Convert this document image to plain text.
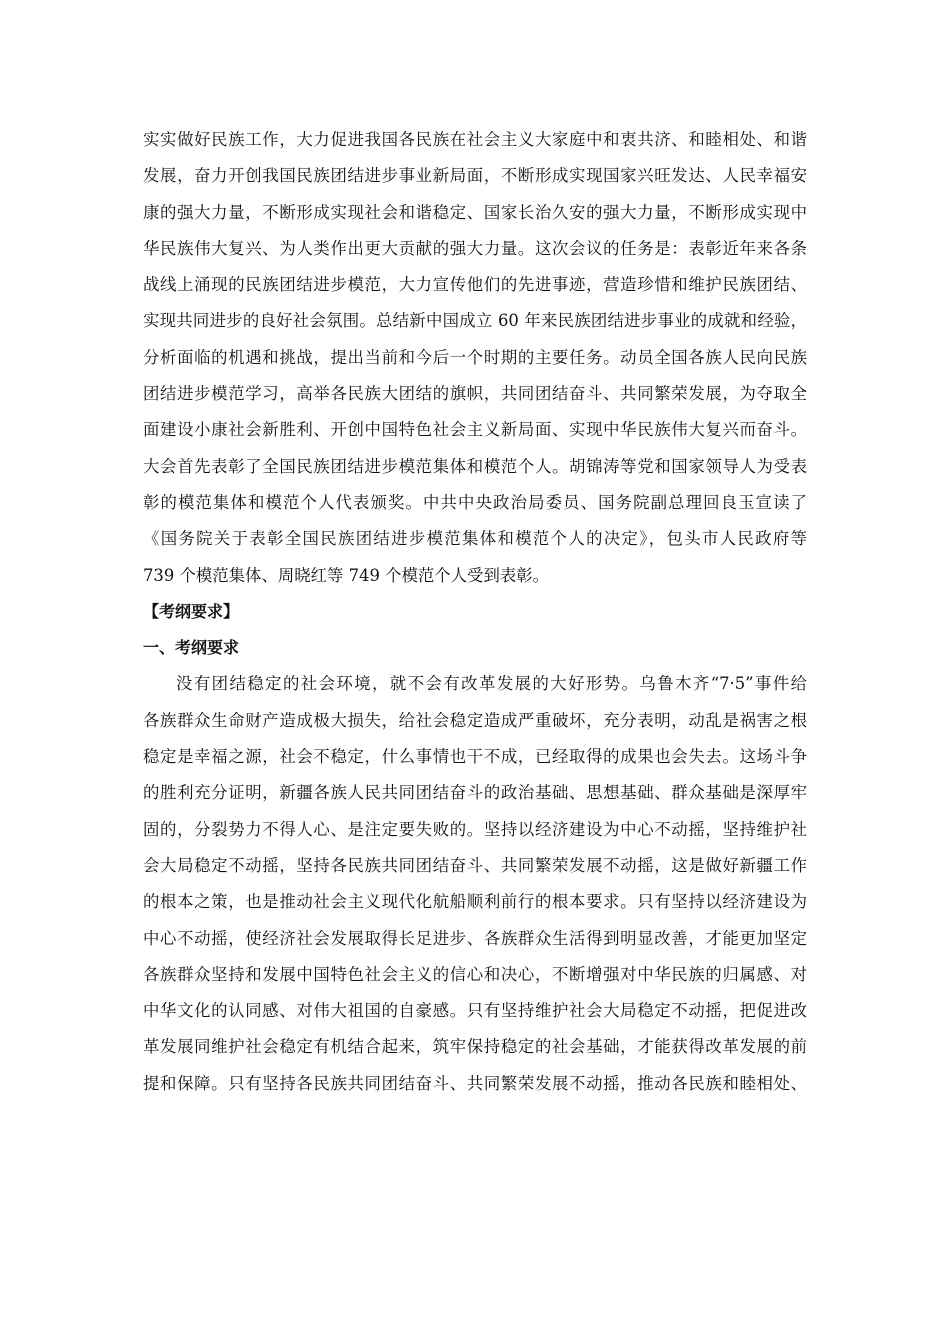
实实做好民族工作，大力促进我国各民族在社会主义大家庭中和衷共济、和睦相处、和谐
发展，奋力开创我国民族团结进步事业新局面，不断形成实现国家兴旺发达、人民幸福安
康的强大力量，不断形成实现社会和谐稳定、国家长治久安的强大力量，不断形成实现中
华民族伟大复兴、为人类作出更大贡献的强大力量。这次会议的任务是：表彰近年来各条
战线上涌现的民族团结进步模范，大力宣传他们的先进事迹，营造珍惜和维护民族团结、
实现共同进步的良好社会氛围。总结新中国成立 60 年来民族团结进步事业的成就和经验，
分析面临的机遇和挑战，提出当前和今后一个时期的主要任务。动员全国各族人民向民族
团结进步模范学习，高举各民族大团结的旗帜，共同团结奋斗、共同繁荣发展，为夺取全
面建设小康社会新胜利、开创中国特色社会主义新局面、实现中华民族伟大复兴而奋斗。
大会首先表彰了全国民族团结进步模范集体和模范个人。胡锦涛等党和国家领导人为受表
彰的模范集体和模范个人代表颁奖。中共中央政治局委员、国务院副总理回良玉宣读了
《国务院关于表彰全国民族团结进步模范集体和模范个人的决定》，包头市人民政府等
739 个模范集体、周晓红等 749 个模范个人受到表彰。
【考纲要求】
一、考纲要求
没有团结稳定的社会环境，就不会有改革发展的大好形势。乌鲁木齐“7·5”事件给
各族群众生命财产造成极大损失，给社会稳定造成严重破坏，充分表明，动乱是祸害之根
稳定是幸福之源，社会不稳定，什么事情也干不成，已经取得的成果也会失去。这场斗争
的胜利充分证明，新疆各族人民共同团结奋斗的政治基础、思想基础、群众基础是深厚牢
固的，分裂势力不得人心、是注定要失败的。坚持以经济建设为中心不动摇，坚持维护社
会大局稳定不动摇，坚持各民族共同团结奋斗、共同繁荣发展不动摇，这是做好新疆工作
的根本之策，也是推动社会主义现代化航船顺利前行的根本要求。只有坚持以经济建设为
中心不动摇，使经济社会发展取得长足进步、各族群众生活得到明显改善，才能更加坚定
各族群众坚持和发展中国特色社会主义的信心和决心，不断增强对中华民族的归属感、对
中华文化的认同感、对伟大祖国的自豪感。只有坚持维护社会大局稳定不动摇，把促进改
革发展同维护社会稳定有机结合起来，筑牢保持稳定的社会基础，才能获得改革发展的前
提和保障。只有坚持各民族共同团结奋斗、共同繁荣发展不动摇，推动各民族和睦相处、
